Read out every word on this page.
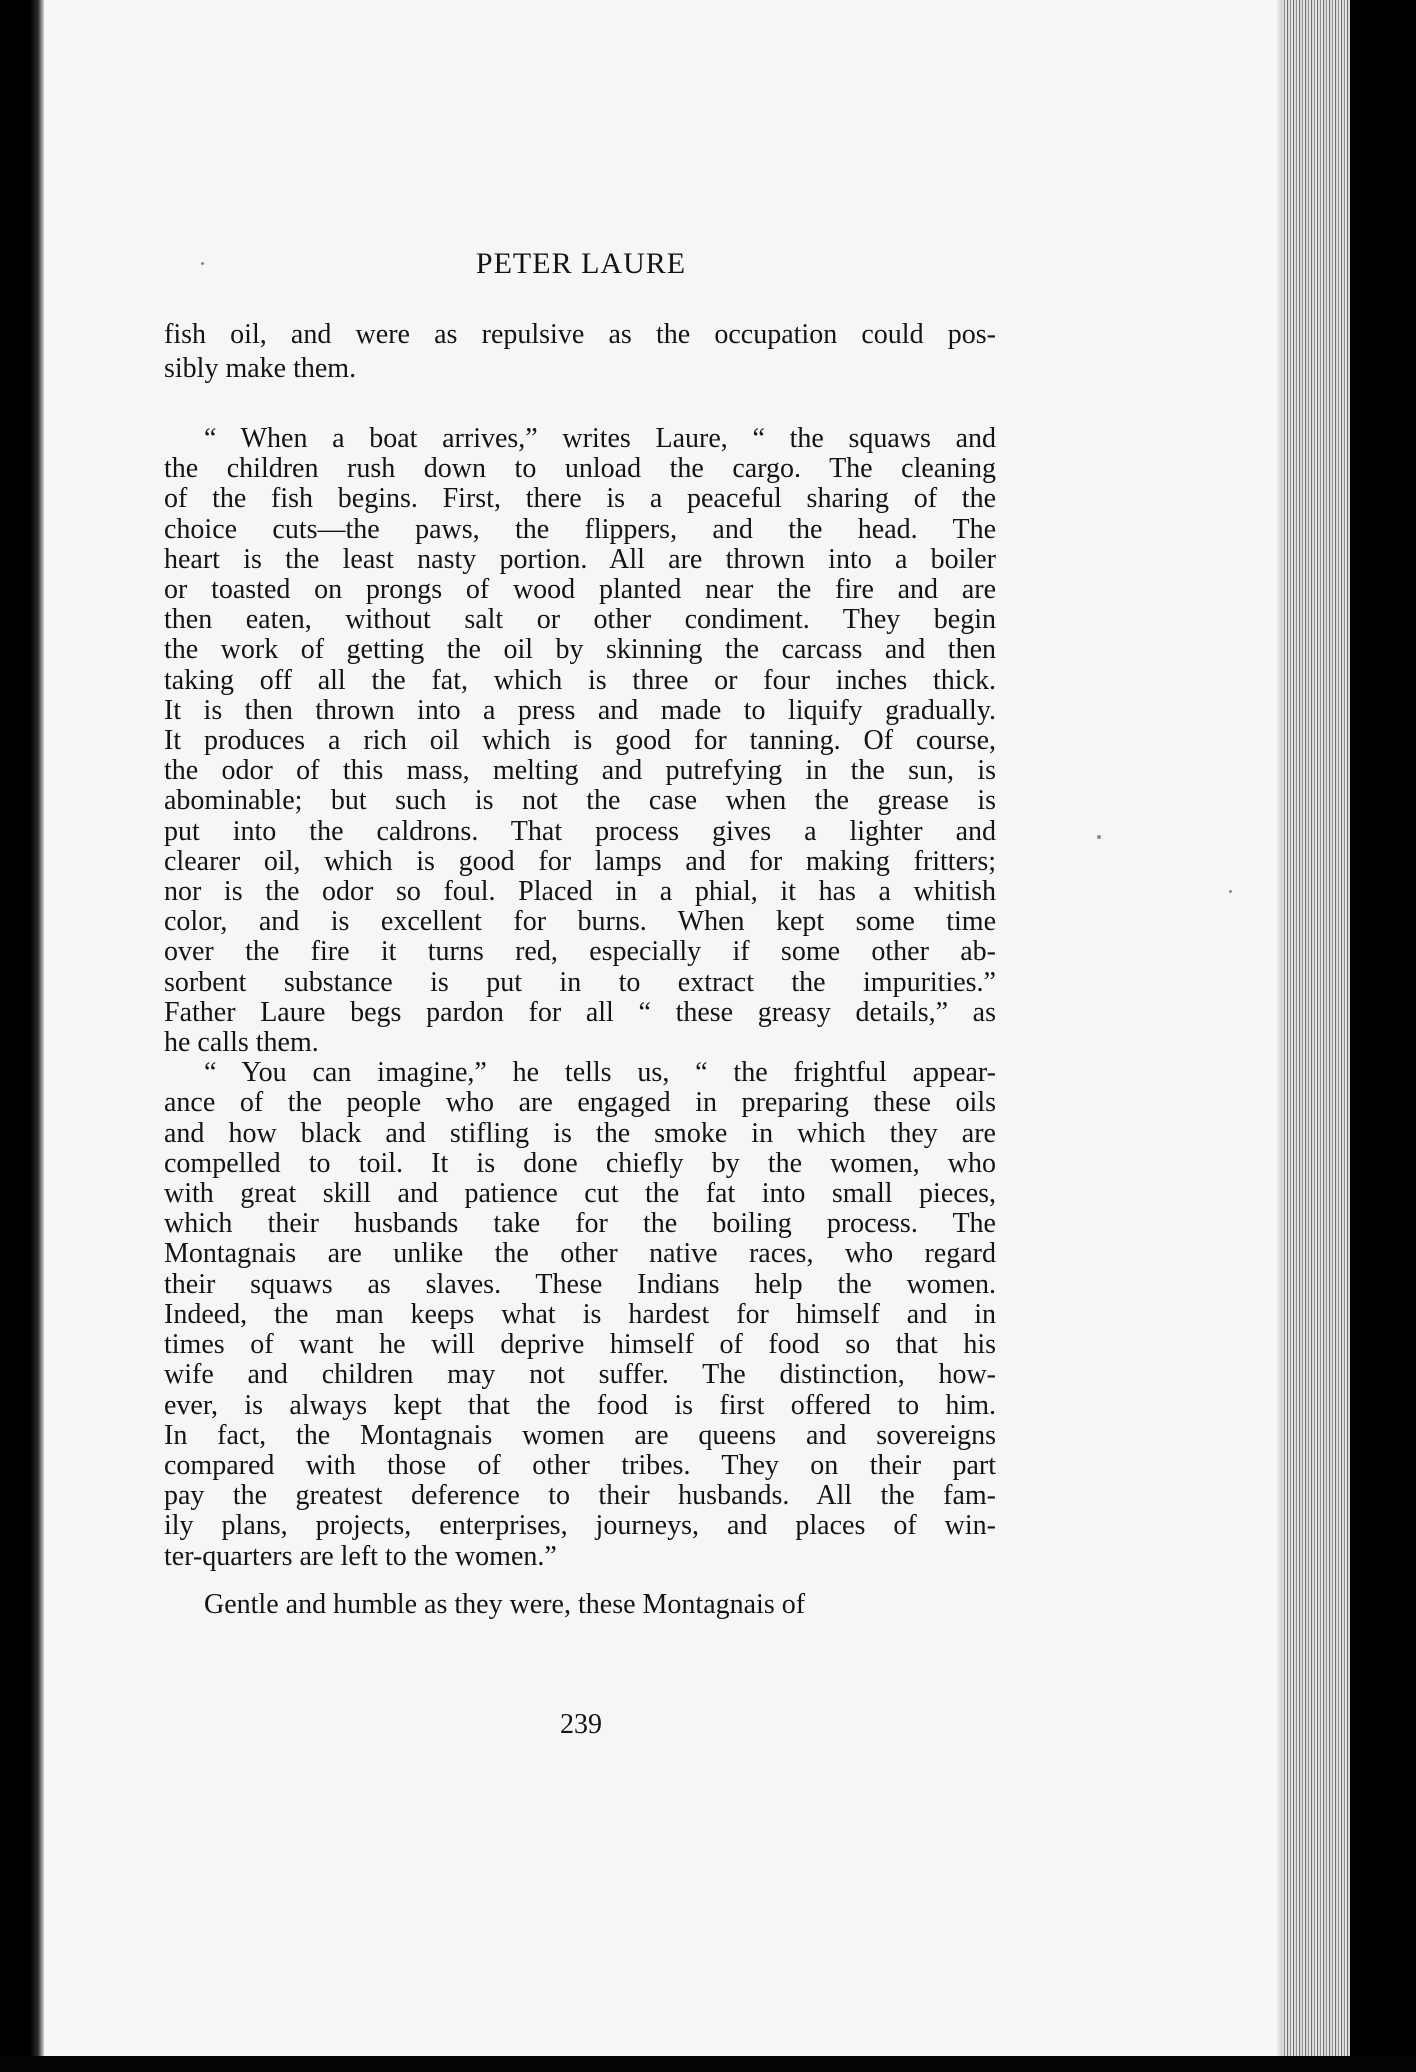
PETER LAURE

fish oil, and were as repulsive as the occupation could pos-

sibly make them.

“ When a boat arrives,” writes Laure, “ the squaws and

the children rush down to unload the cargo. The cleaning

of the fish begins. First, there is a peaceful sharing of the

choice cuts—the paws, the flippers, and the head. The

heart is the least nasty portion. All are thrown into a boiler

or toasted on prongs of wood planted near the fire and are

then eaten, without salt or other condiment. They begin

the work of getting the oil by skinning the carcass and then

taking off all the fat, which is three or four inches thick.

It is then thrown into a press and made to liquify gradually.

It produces a rich oil which is good for tanning. Of course,

the odor of this mass, melting and putrefying in the sun, is

abominable; but such is not the case when the grease is

put into the caldrons. That process gives a lighter and

clearer oil, which is good for lamps and for making fritters;

nor is the odor so foul. Placed in a phial, it has a whitish

color, and is excellent for burns. When kept some time

over the fire it turns red, especially if some other ab-

sorbent substance is put in to extract the impurities.”

Father Laure begs pardon for all “ these greasy details,” as

he calls them.

“ You can imagine,” he tells us, “ the frightful appear-

ance of the people who are engaged in preparing these oils

and how black and stifling is the smoke in which they are

compelled to toil. It is done chiefly by the women, who

with great skill and patience cut the fat into small pieces,

which their husbands take for the boiling process. The

Montagnais are unlike the other native races, who regard

their squaws as slaves. These Indians help the women.

Indeed, the man keeps what is hardest for himself and in

times of want he will deprive himself of food so that his

wife and children may not suffer. The distinction, how-

ever, is always kept that the food is first offered to him.

In fact, the Montagnais women are queens and sovereigns

compared with those of other tribes. They on their part

pay the greatest deference to their husbands. All the fam-

ily plans, projects, enterprises, journeys, and places of win-

ter-quarters are left to the women.”

Gentle and humble as they were, these Montagnais of

239
